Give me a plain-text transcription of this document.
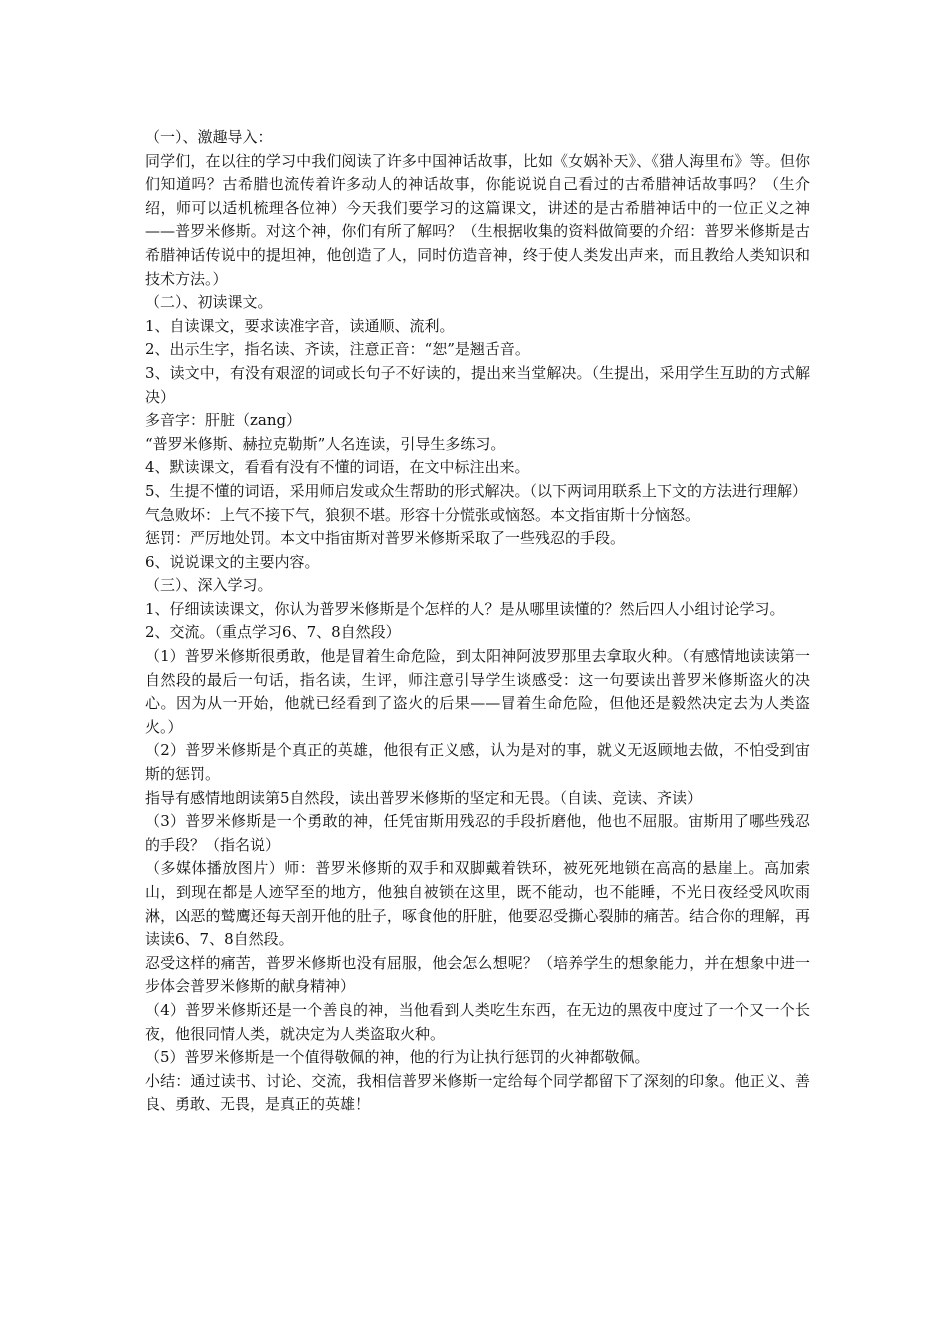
（一）、激趣导入：

同学们，在以往的学习中我们阅读了许多中国神话故事，比如《女娲补天》、《猎人海里布》等。但你们知道吗？古希腊也流传着许多动人的神话故事，你能说说自己看过的古希腊神话故事吗？（生介绍，师可以适机梳理各位神）今天我们要学习的这篇课文，讲述的是古希腊神话中的一位正义之神——普罗米修斯。对这个神，你们有所了解吗？（生根据收集的资料做简要的介绍：普罗米修斯是古希腊神话传说中的提坦神，他创造了人，同时仿造音神，终于使人类发出声来，而且教给人类知识和技术方法。）

（二）、初读课文。

1、自读课文，要求读准字音，读通顺、流利。

2、出示生字，指名读、齐读，注意正音：“恕”是翘舌音。

3、读文中，有没有艰涩的词或长句子不好读的，提出来当堂解决。（生提出，采用学生互助的方式解决）

多音字：肝脏（zang）

“普罗米修斯、赫拉克勒斯”人名连读，引导生多练习。

4、默读课文，看看有没有不懂的词语，在文中标注出来。

5、生提不懂的词语，采用师启发或众生帮助的形式解决。（以下两词用联系上下文的方法进行理解）

气急败坏：上气不接下气，狼狈不堪。形容十分慌张或恼怒。本文指宙斯十分恼怒。

惩罚：严厉地处罚。本文中指宙斯对普罗米修斯采取了一些残忍的手段。

6、说说课文的主要内容。

（三）、深入学习。

1、仔细读读课文，你认为普罗米修斯是个怎样的人？是从哪里读懂的？然后四人小组讨论学习。

2、交流。（重点学习6、7、8自然段）

（1）普罗米修斯很勇敢，他是冒着生命危险，到太阳神阿波罗那里去拿取火种。（有感情地读读第一自然段的最后一句话，指名读，生评，师注意引导学生谈感受：这一句要读出普罗米修斯盗火的决心。因为从一开始，他就已经看到了盗火的后果——冒着生命危险，但他还是毅然决定去为人类盗火。）

（2）普罗米修斯是个真正的英雄，他很有正义感，认为是对的事，就义无返顾地去做，不怕受到宙斯的惩罚。

指导有感情地朗读第5自然段，读出普罗米修斯的坚定和无畏。（自读、竞读、齐读）

（3）普罗米修斯是一个勇敢的神，任凭宙斯用残忍的手段折磨他，他也不屈服。宙斯用了哪些残忍的手段？（指名说）

（多媒体播放图片）师：普罗米修斯的双手和双脚戴着铁环，被死死地锁在高高的悬崖上。高加索山，到现在都是人迹罕至的地方，他独自被锁在这里，既不能动，也不能睡，不光日夜经受风吹雨淋，凶恶的鹫鹰还每天剖开他的肚子，啄食他的肝脏，他要忍受撕心裂肺的痛苦。结合你的理解，再读读6、7、8自然段。

忍受这样的痛苦，普罗米修斯也没有屈服，他会怎么想呢？（培养学生的想象能力，并在想象中进一步体会普罗米修斯的献身精神）

（4）普罗米修斯还是一个善良的神，当他看到人类吃生东西，在无边的黑夜中度过了一个又一个长夜，他很同情人类，就决定为人类盗取火种。

（5）普罗米修斯是一个值得敬佩的神，他的行为让执行惩罚的火神都敬佩。

小结：通过读书、讨论、交流，我相信普罗米修斯一定给每个同学都留下了深刻的印象。他正义、善良、勇敢、无畏，是真正的英雄！
